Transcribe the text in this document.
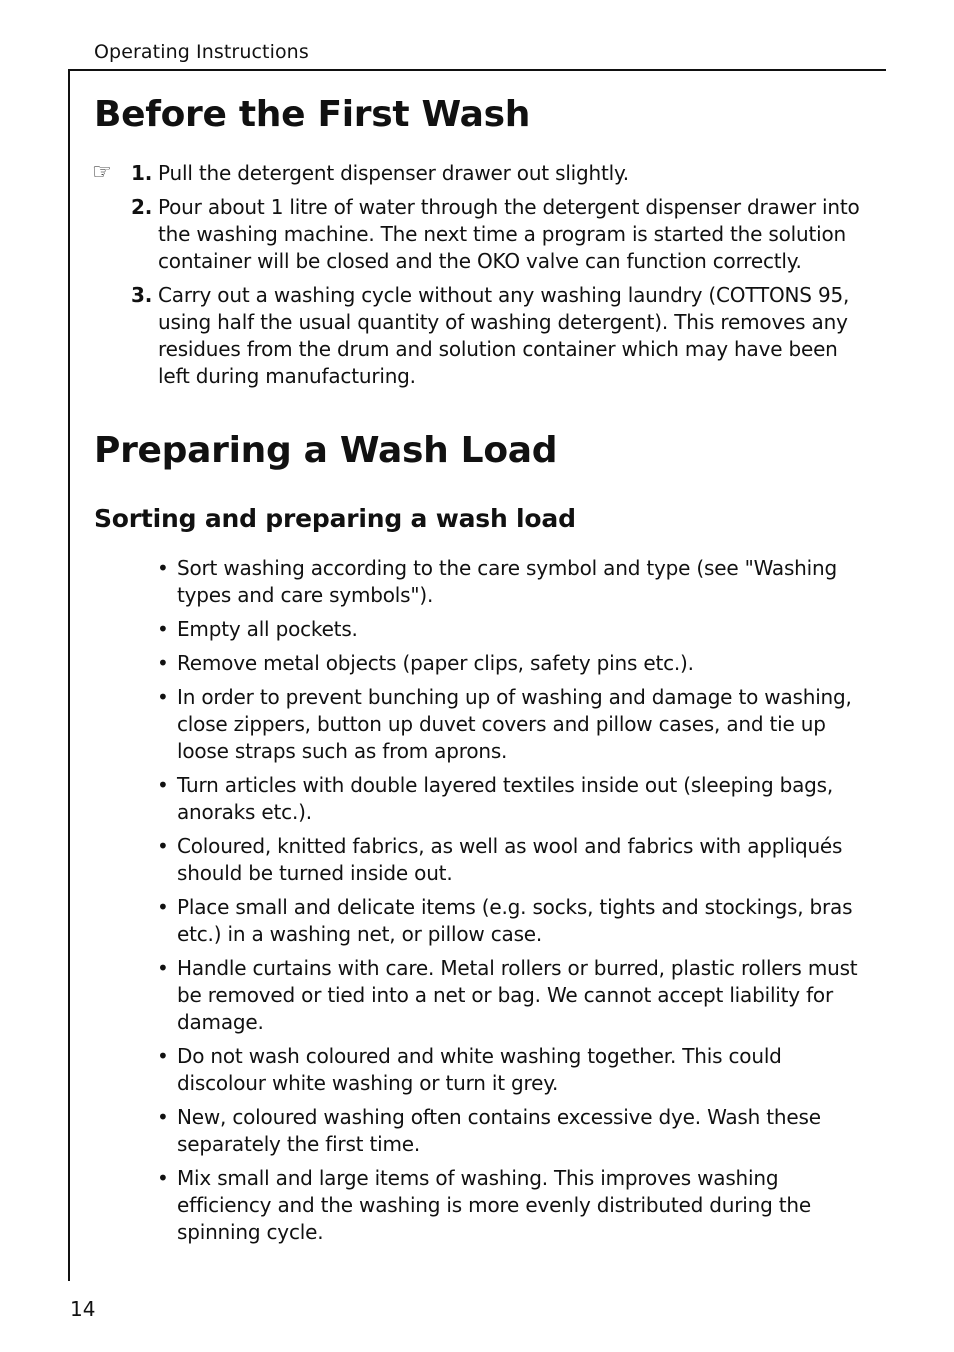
Operating Instructions
Before the First Wash
☞ 1. Pull the detergent dispenser drawer out slightly.
2. Pour about 1 litre of water through the detergent dispenser drawer into the washing machine. The next time a program is started the solution container will be closed and the OKO valve can function correctly.
3. Carry out a washing cycle without any washing laundry (COTTONS 95, using half the usual quantity of washing detergent). This removes any residues from the drum and solution container which may have been left during manufacturing.
Preparing a Wash Load
Sorting and preparing a wash load
• Sort washing according to the care symbol and type (see "Washing types and care symbols").
• Empty all pockets.
• Remove metal objects (paper clips, safety pins etc.).
• In order to prevent bunching up of washing and damage to washing, close zippers, button up duvet covers and pillow cases, and tie up loose straps such as from aprons.
• Turn articles with double layered textiles inside out (sleeping bags, anoraks etc.).
• Coloured, knitted fabrics, as well as wool and fabrics with appliqués should be turned inside out.
• Place small and delicate items (e.g. socks, tights and stockings, bras etc.) in a washing net, or pillow case.
• Handle curtains with care. Metal rollers or burred, plastic rollers must be removed or tied into a net or bag. We cannot accept liability for damage.
• Do not wash coloured and white washing together. This could discolour white washing or turn it grey.
• New, coloured washing often contains excessive dye. Wash these separately the first time.
• Mix small and large items of washing. This improves washing efficiency and the washing is more evenly distributed during the spinning cycle.
14
